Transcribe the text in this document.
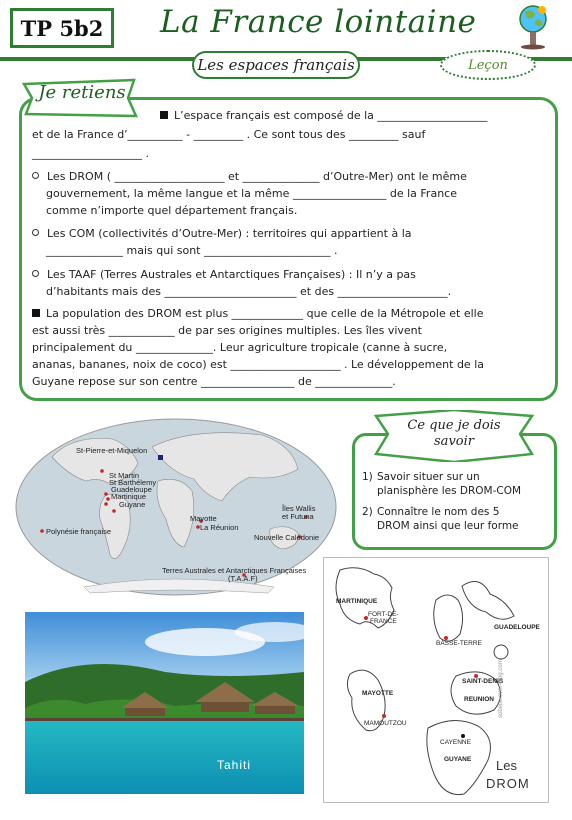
TP 5b2	La France lointaine
Les espaces français	Leçon
Je retiens
L’espace français est composé de la ____________________
et de la France d’__________ - _________ . Ce sont tous des _________ sauf
____________________ .
Les DROM ( ____________________ et ______________ d’Outre-Mer) ont le même
gouvernement, la même langue et la même _________________ de la France
comme n’importe quel département français.
Les COM (collectivités d’Outre-Mer) : territoires qui appartient à la
______________ mais qui sont _______________________ .
Les TAAF (Terres Australes et Antarctiques Françaises) : Il n’y a pas
d’habitants mais des ________________________ et des ____________________.
La population des DROM est plus _____________ que celle de la Métropole et elle
est aussi très ____________ de par ses origines multiples. Les îles vivent
principalement du ______________. Leur agriculture tropicale (canne à sucre,
ananas, bananes, noix de coco) est ____________________ . Le développement de la
Guyane repose sur son centre _________________ de ______________.
St-Pierre-et-Miquelon
St Martin
St Barthélemy
Guadeloupe
Martinique
Guyane
Polynésie française
Mayotte
La Réunion
Îles Wallis et Futuna
Nouvelle Calédonie
Terres Australes et Antarctiques Françaises
(T.A.A.F)
Ce que je dois
savoir
1) Savoir situer sur un
planisphère les DROM-COM
2) Connaître le nom des 5
DROM ainsi que leur forme
Tahiti
MARTINIQUE
FORT-DE-
FRANCE
GUADELOUPE
BASSE-TERRE
SAINT-DENIS
REUNION
MAYOTTE
MAMOUTZOU
CAYENNE
GUYANE Les
DROM
sobelle.over-blog.com
